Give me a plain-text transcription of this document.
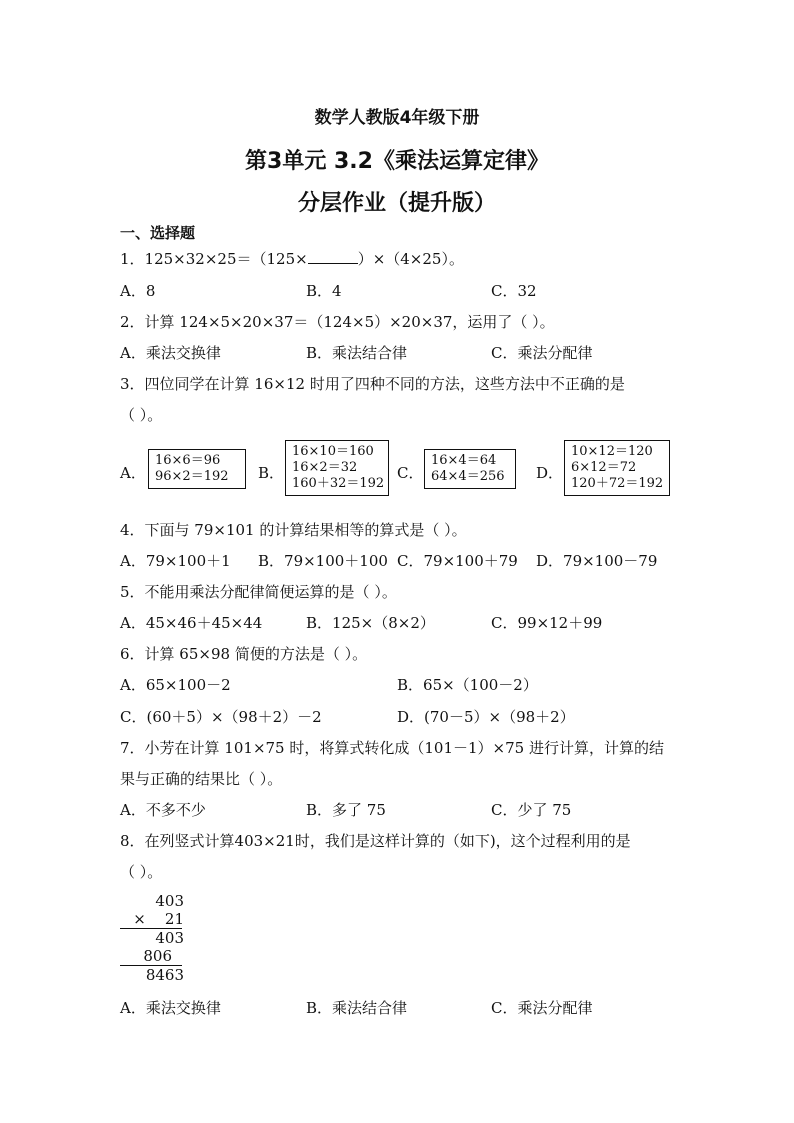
数学人教版4年级下册
第3单元 3.2《乘法运算定律》
分层作业（提升版）
一、选择题
1．125×32×25＝（125×	）×（4×25）。
A．8	B．4	C．32
2．计算 124×5×20×37＝（124×5）×20×37，运用了（ ）。
A．乘法交换律	B．乘法结合律	C．乘法分配律
3．四位同学在计算 16×12 时用了四种不同的方法，这些方法中不正确的是
（ ）。
A．
16×6＝96
96×2＝192	B．
16×10＝160
16×2＝32
160＋32＝192
C．
16×4＝64
64×4＝256 D．
10×12＝120
6×12＝72
120＋72＝192
4．下面与 79×101 的计算结果相等的算式是（ ）。
A．79×100＋1 B．79×100＋100 C．79×100＋79 D．79×100－79
5．不能用乘法分配律简便运算的是（ ）。
A．45×46＋45×44	B．125×（8×2）	C．99×12＋99
6．计算 65×98 简便的方法是（ ）。
A．65×100－2	B．65×（100－2）
C．(60＋5）×（98＋2）－2	D．(70－5）×（98＋2）
7．小芳在计算 101×75 时，将算式转化成（101－1）×75 进行计算，计算的结
果与正确的结果比（ ）。
A．不多不少	B．多了 75	C．少了 75
8．在列竖式计算403×21时，我们是这样计算的（如下)，这个过程利用的是
（ ）。
403
×    21
403
806
8463
A．乘法交换律	B．乘法结合律	C．乘法分配律
